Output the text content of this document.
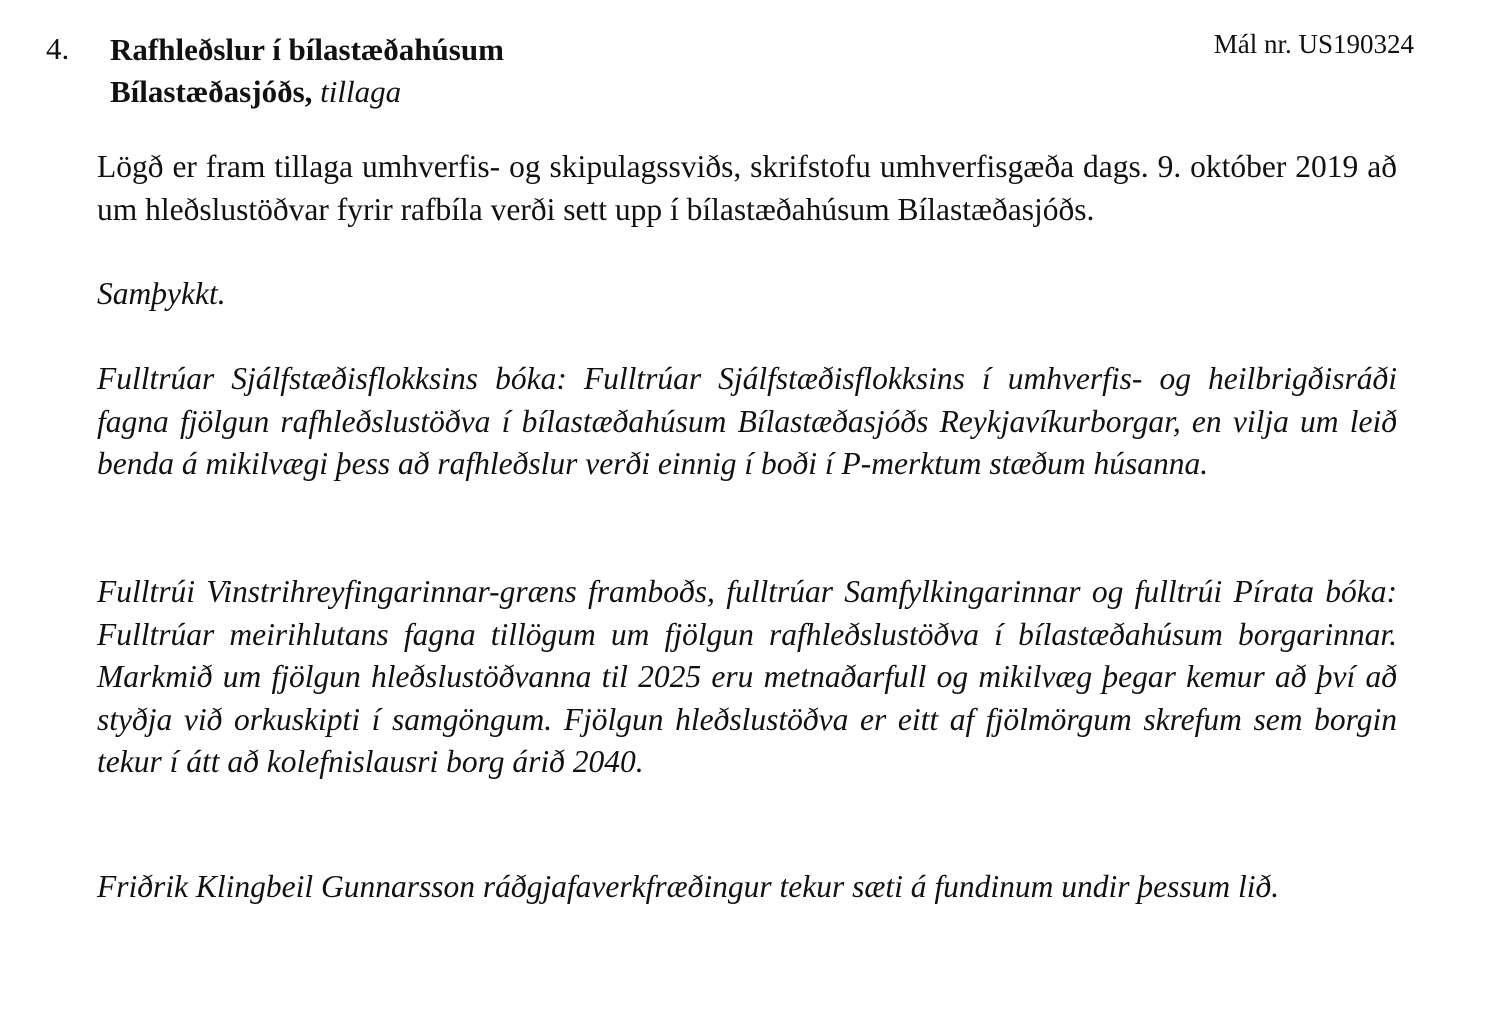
4. Rafhleðslur í bílastæðahúsum
Bílastæðasjóðs, tillaga
Mál nr. US190324

Lögð er fram tillaga umhverfis- og skipulagssviðs, skrifstofu umhverfisgæða dags. 9. október 2019 að um hleðslustöðvar fyrir rafbíla verði sett upp í bílastæðahúsum Bílastæðasjóðs.

Samþykkt.

Fulltrúar Sjálfstæðisflokksins bóka: Fulltrúar Sjálfstæðisflokksins í umhverfis- og heilbrigðisráði fagna fjölgun rafhleðslustöðva í bílastæðahúsum Bílastæðasjóðs Reykjavíkurborgar, en vilja um leið benda á mikilvægi þess að rafhleðslur verði einnig í boði í P-merktum stæðum húsanna.

Fulltrúi Vinstrihreyfingarinnar-græns framboðs, fulltrúar Samfylkingarinnar og fulltrúi Pírata bóka: Fulltrúar meirihlutans fagna tillögum um fjölgun rafhleðslustöðva í bílastæðahúsum borgarinnar. Markmið um fjölgun hleðslustöðvanna til 2025 eru metnaðarfull og mikilvæg þegar kemur að því að styðja við orkuskipti í samgöngum. Fjölgun hleðslustöðva er eitt af fjölmörgum skrefum sem borgin tekur í átt að kolefnislausri borg árið 2040.

Friðrik Klingbeil Gunnarsson ráðgjafaverkfræðingur tekur sæti á fundinum undir þessum lið.
